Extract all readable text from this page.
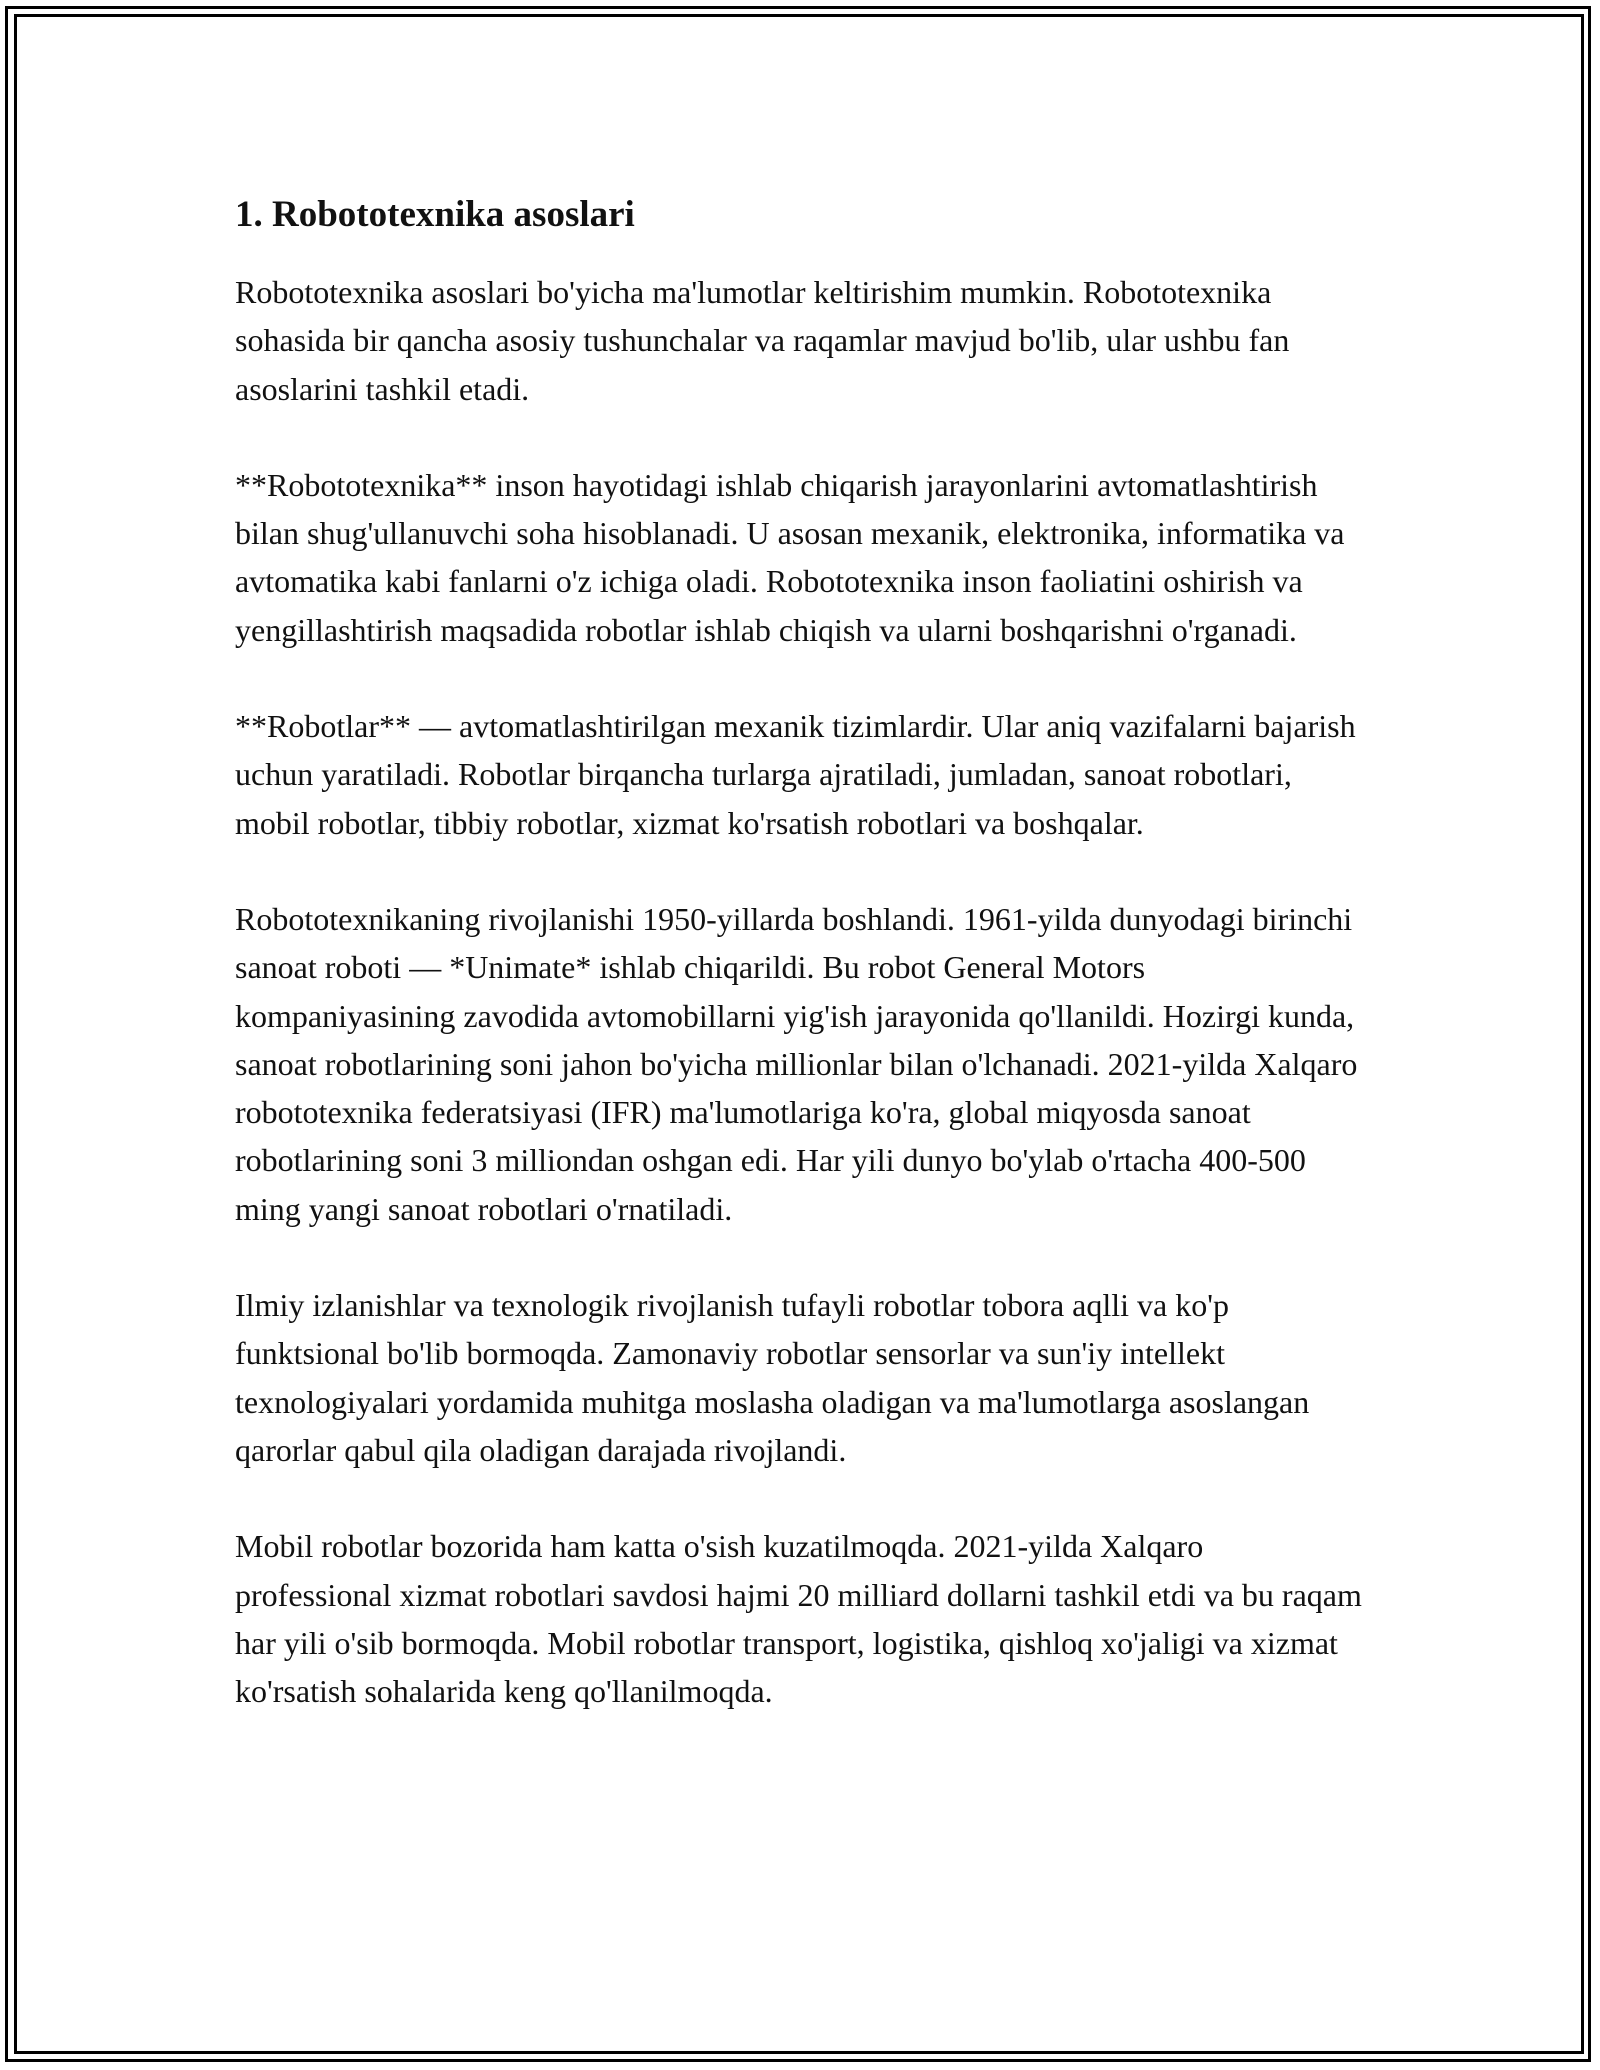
1. Robototexnika asoslari

Robototexnika asoslari bo'yicha ma'lumotlar keltirishim mumkin. Robototexnika sohasida bir qancha asosiy tushunchalar va raqamlar mavjud bo'lib, ular ushbu fan asoslarini tashkil etadi.

**Robototexnika** inson hayotidagi ishlab chiqarish jarayonlarini avtomatlashtirish bilan shug'ullanuvchi soha hisoblanadi. U asosan mexanik, elektronika, informatika va avtomatika kabi fanlarni o'z ichiga oladi. Robototexnika inson faoliatini oshirish va yengillashtirish maqsadida robotlar ishlab chiqish va ularni boshqarishni o'rganadi.

**Robotlar** — avtomatlashtirilgan mexanik tizimlardir. Ular aniq vazifalarni bajarish uchun yaratiladi. Robotlar birqancha turlarga ajratiladi, jumladan, sanoat robotlari, mobil robotlar, tibbiy robotlar, xizmat ko'rsatish robotlari va boshqalar.

Robototexnikaning rivojlanishi 1950-yillarda boshlandi. 1961-yilda dunyodagi birinchi sanoat roboti — *Unimate* ishlab chiqarildi. Bu robot General Motors kompaniyasining zavodida avtomobillarni yig'ish jarayonida qo'llanildi. Hozirgi kunda, sanoat robotlarining soni jahon bo'yicha millionlar bilan o'lchanadi. 2021-yilda Xalqaro robototexnika federatsiyasi (IFR) ma'lumotlariga ko'ra, global miqyosda sanoat robotlarining soni 3 milliondan oshgan edi. Har yili dunyo bo'ylab o'rtacha 400-500 ming yangi sanoat robotlari o'rnatiladi.

Ilmiy izlanishlar va texnologik rivojlanish tufayli robotlar tobora aqlli va ko'p funktsional bo'lib bormoqda. Zamonaviy robotlar sensorlar va sun'iy intellekt texnologiyalari yordamida muhitga moslasha oladigan va ma'lumotlarga asoslangan qarorlar qabul qila oladigan darajada rivojlandi.

Mobil robotlar bozorida ham katta o'sish kuzatilmoqda. 2021-yilda Xalqaro professional xizmat robotlari savdosi hajmi 20 milliard dollarni tashkil etdi va bu raqam har yili o'sib bormoqda. Mobil robotlar transport, logistika, qishloq xo'jaligi va xizmat ko'rsatish sohalarida keng qo'llanilmoqda.
